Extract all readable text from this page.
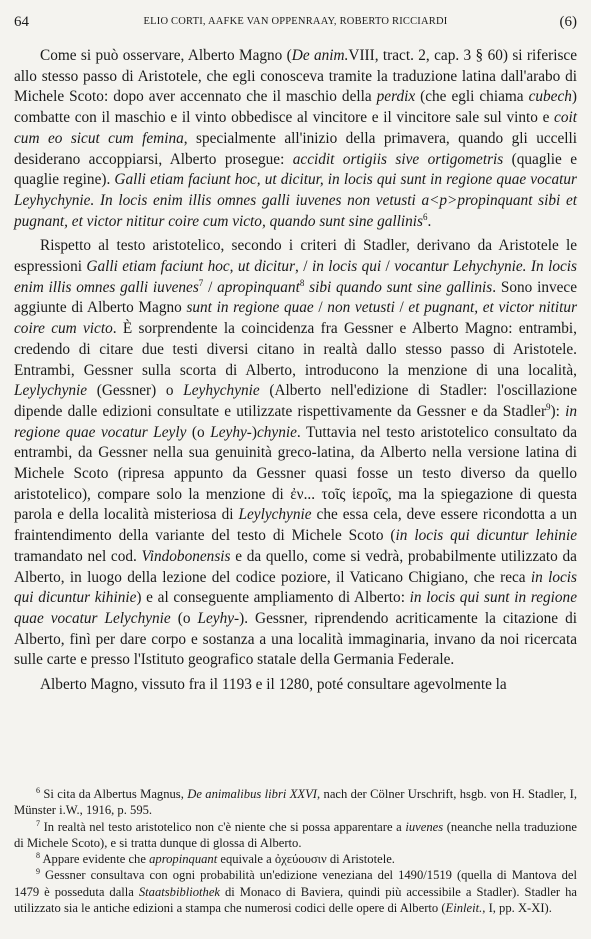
64	ELIO CORTI, AAFKE VAN OPPENRAAY, ROBERTO RICCIARDI	(6)

Come si può osservare, Alberto Magno (De anim.VIII, tract. 2, cap. 3 § 60) si riferisce allo stesso passo di Aristotele, che egli conosceva tramite la traduzione latina dall'arabo di Michele Scoto: dopo aver accennato che il maschio della perdix (che egli chiama cubech) combatte con il maschio e il vinto obbedisce al vincitore e il vincitore sale sul vinto e coit cum eo sicut cum femina, specialmente all'inizio della primavera, quando gli uccelli desiderano accoppiarsi, Alberto prosegue: accidit ortigiis sive ortigometris (quaglie e quaglie regine). Galli etiam faciunt hoc, ut dicitur, in locis qui sunt in regione quae vocatur Leyhychynie. In locis enim illis omnes galli iuvenes non vetusti a<p>propinquant sibi et pugnant, et victor nititur coire cum victo, quando sunt sine gallinis$^6$.

Rispetto al testo aristotelico, secondo i criteri di Stadler, derivano da Aristotele le espressioni Galli etiam faciunt hoc, ut dicitur, / in locis qui / vocantur Lehychynie. In locis enim illis omnes galli iuvenes$^7$ / apropinquant$^8$ sibi quando sunt sine gallinis. Sono invece aggiunte di Alberto Magno sunt in regione quae / non vetusti / et pugnant, et victor nititur coire cum victo. È sorprendente la coincidenza fra Gessner e Alberto Magno: entrambi, credendo di citare due testi diversi citano in realtà dallo stesso passo di Aristotele. Entrambi, Gessner sulla scorta di Alberto, introducono la menzione di una località, Leylychynie (Gessner) o Leyhychynie (Alberto nell'edizione di Stadler: l'oscillazione dipende dalle edizioni consultate e utilizzate rispettivamente da Gessner e da Stadler$^9$): in regione quae vocatur Leyly (o Leyhy-)chynie. Tuttavia nel testo aristotelico consultato da entrambi, da Gessner nella sua genuinità greco-latina, da Alberto nella versione latina di Michele Scoto (ripresa appunto da Gessner quasi fosse un testo diverso da quello aristotelico), compare solo la menzione di ἐν... τοῖς ἱεροῖς, ma la spiegazione di questa parola e della località misteriosa di Leylychynie che essa cela, deve essere ricondotta a un fraintendimento della variante del testo di Michele Scoto (in locis qui dicuntur lehinie tramandato nel cod. Vindobonensis e da quello, come si vedrà, probabilmente utilizzato da Alberto, in luogo della lezione del codice poziore, il Vaticano Chigiano, che reca in locis qui dicuntur kihinie) e al conseguente ampliamento di Alberto: in locis qui sunt in regione quae vocatur Lelychynie (o Leyhy-). Gessner, riprendendo acriticamente la citazione di Alberto, finì per dare corpo e sostanza a una località immaginaria, invano da noi ricercata sulle carte e presso l'Istituto geografico statale della Germania Federale.

Alberto Magno, vissuto fra il 1193 e il 1280, poté consultare agevolmente la

$^6$ Si cita da Albertus Magnus, De animalibus libri XXVI, nach der Cölner Urschrift, hsgb. von H. Stadler, I, Münster i.W., 1916, p. 595.

$^7$ In realtà nel testo aristotelico non c'è niente che si possa apparentare a iuvenes (neanche nella traduzione di Michele Scoto), e si tratta dunque di glossa di Alberto.

$^8$ Appare evidente che apropinquant equivale a ὀχεύουσιν di Aristotele.

$^9$ Gessner consultava con ogni probabilità un'edizione veneziana del 1490/1519 (quella di Mantova del 1479 è posseduta dalla Staatsbibliothek di Monaco di Baviera, quindi più accessibile a Stadler). Stadler ha utilizzato sia le antiche edizioni a stampa che numerosi codici delle opere di Alberto (Einleit., I, pp. X-XI).
